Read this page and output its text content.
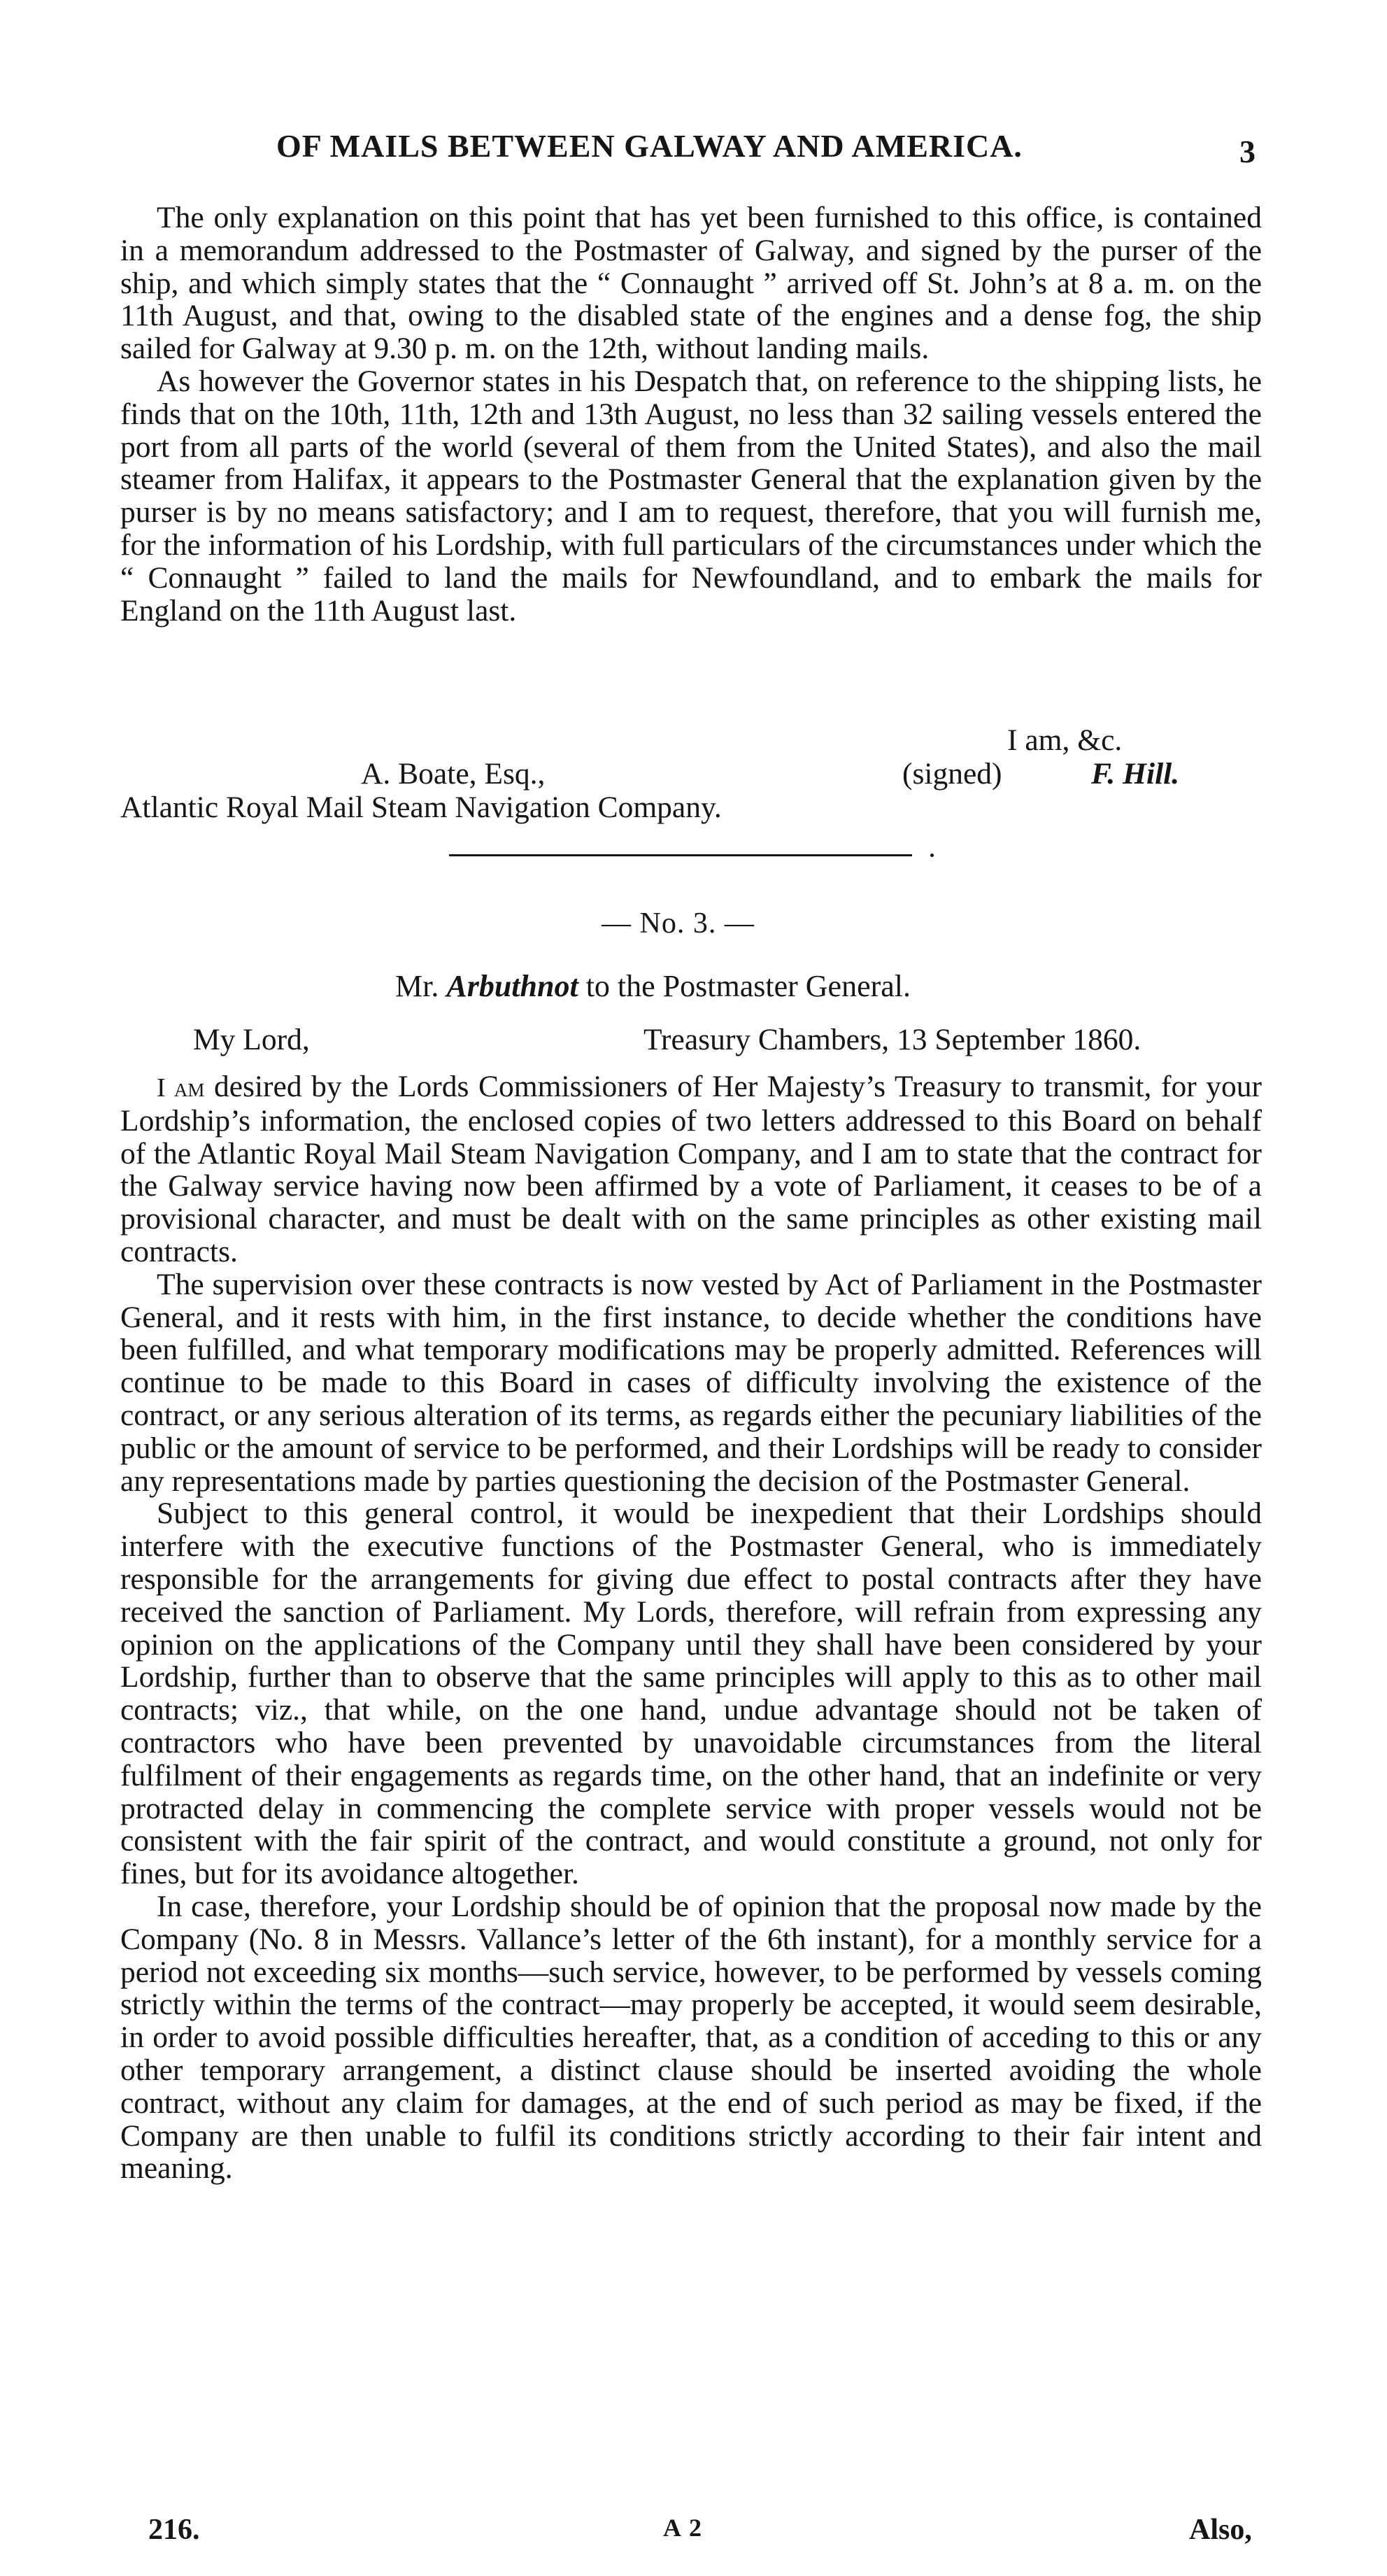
OF MAILS BETWEEN GALWAY AND AMERICA.	3

The only explanation on this point that has yet been furnished to this office, is contained in a memorandum addressed to the Postmaster of Galway, and signed by the purser of the ship, and which simply states that the “ Connaught ” arrived off St. John’s at 8 a. m. on the 11th August, and that, owing to the disabled state of the engines and a dense fog, the ship sailed for Galway at 9.30 p. m. on the 12th, without landing mails.

As however the Governor states in his Despatch that, on reference to the shipping lists, he finds that on the 10th, 11th, 12th and 13th August, no less than 32 sailing vessels entered the port from all parts of the world (several of them from the United States), and also the mail steamer from Halifax, it appears to the Postmaster General that the explanation given by the purser is by no means satisfactory; and I am to request, therefore, that you will furnish me, for the information of his Lordship, with full particulars of the circumstances under which the “ Connaught ” failed to land the mails for Newfoundland, and to embark the mails for England on the 11th August last.

I am, &c.
A. Boate, Esq.,	(signed)	F. Hill.
Atlantic Royal Mail Steam Navigation Company.
— No. 3. —
Mr. Arbuthnot to the Postmaster General.
My Lord,	Treasury Chambers, 13 September 1860.

I am desired by the Lords Commissioners of Her Majesty’s Treasury to transmit, for your Lordship’s information, the enclosed copies of two letters addressed to this Board on behalf of the Atlantic Royal Mail Steam Navigation Company, and I am to state that the contract for the Galway service having now been affirmed by a vote of Parliament, it ceases to be of a provisional character, and must be dealt with on the same principles as other existing mail contracts.

The supervision over these contracts is now vested by Act of Parliament in the Postmaster General, and it rests with him, in the first instance, to decide whether the conditions have been fulfilled, and what temporary modifications may be properly admitted. References will continue to be made to this Board in cases of difficulty involving the existence of the contract, or any serious alteration of its terms, as regards either the pecuniary liabilities of the public or the amount of service to be performed, and their Lordships will be ready to consider any representations made by parties questioning the decision of the Postmaster General.

Subject to this general control, it would be inexpedient that their Lordships should interfere with the executive functions of the Postmaster General, who is immediately responsible for the arrangements for giving due effect to postal contracts after they have received the sanction of Parliament. My Lords, therefore, will refrain from expressing any opinion on the applications of the Company until they shall have been considered by your Lordship, further than to observe that the same principles will apply to this as to other mail contracts; viz., that while, on the one hand, undue advantage should not be taken of contractors who have been prevented by unavoidable circumstances from the literal fulfilment of their engagements as regards time, on the other hand, that an indefinite or very protracted delay in commencing the complete service with proper vessels would not be consistent with the fair spirit of the contract, and would constitute a ground, not only for fines, but for its avoidance altogether.

In case, therefore, your Lordship should be of opinion that the proposal now made by the Company (No. 8 in Messrs. Vallance’s letter of the 6th instant), for a monthly service for a period not exceeding six months—such service, however, to be performed by vessels coming strictly within the terms of the contract—may properly be accepted, it would seem desirable, in order to avoid possible difficulties hereafter, that, as a condition of acceding to this or any other temporary arrangement, a distinct clause should be inserted avoiding the whole contract, without any claim for damages, at the end of such period as may be fixed, if the Company are then unable to fulfil its conditions strictly according to their fair intent and meaning.

216.	A 2	Also,
